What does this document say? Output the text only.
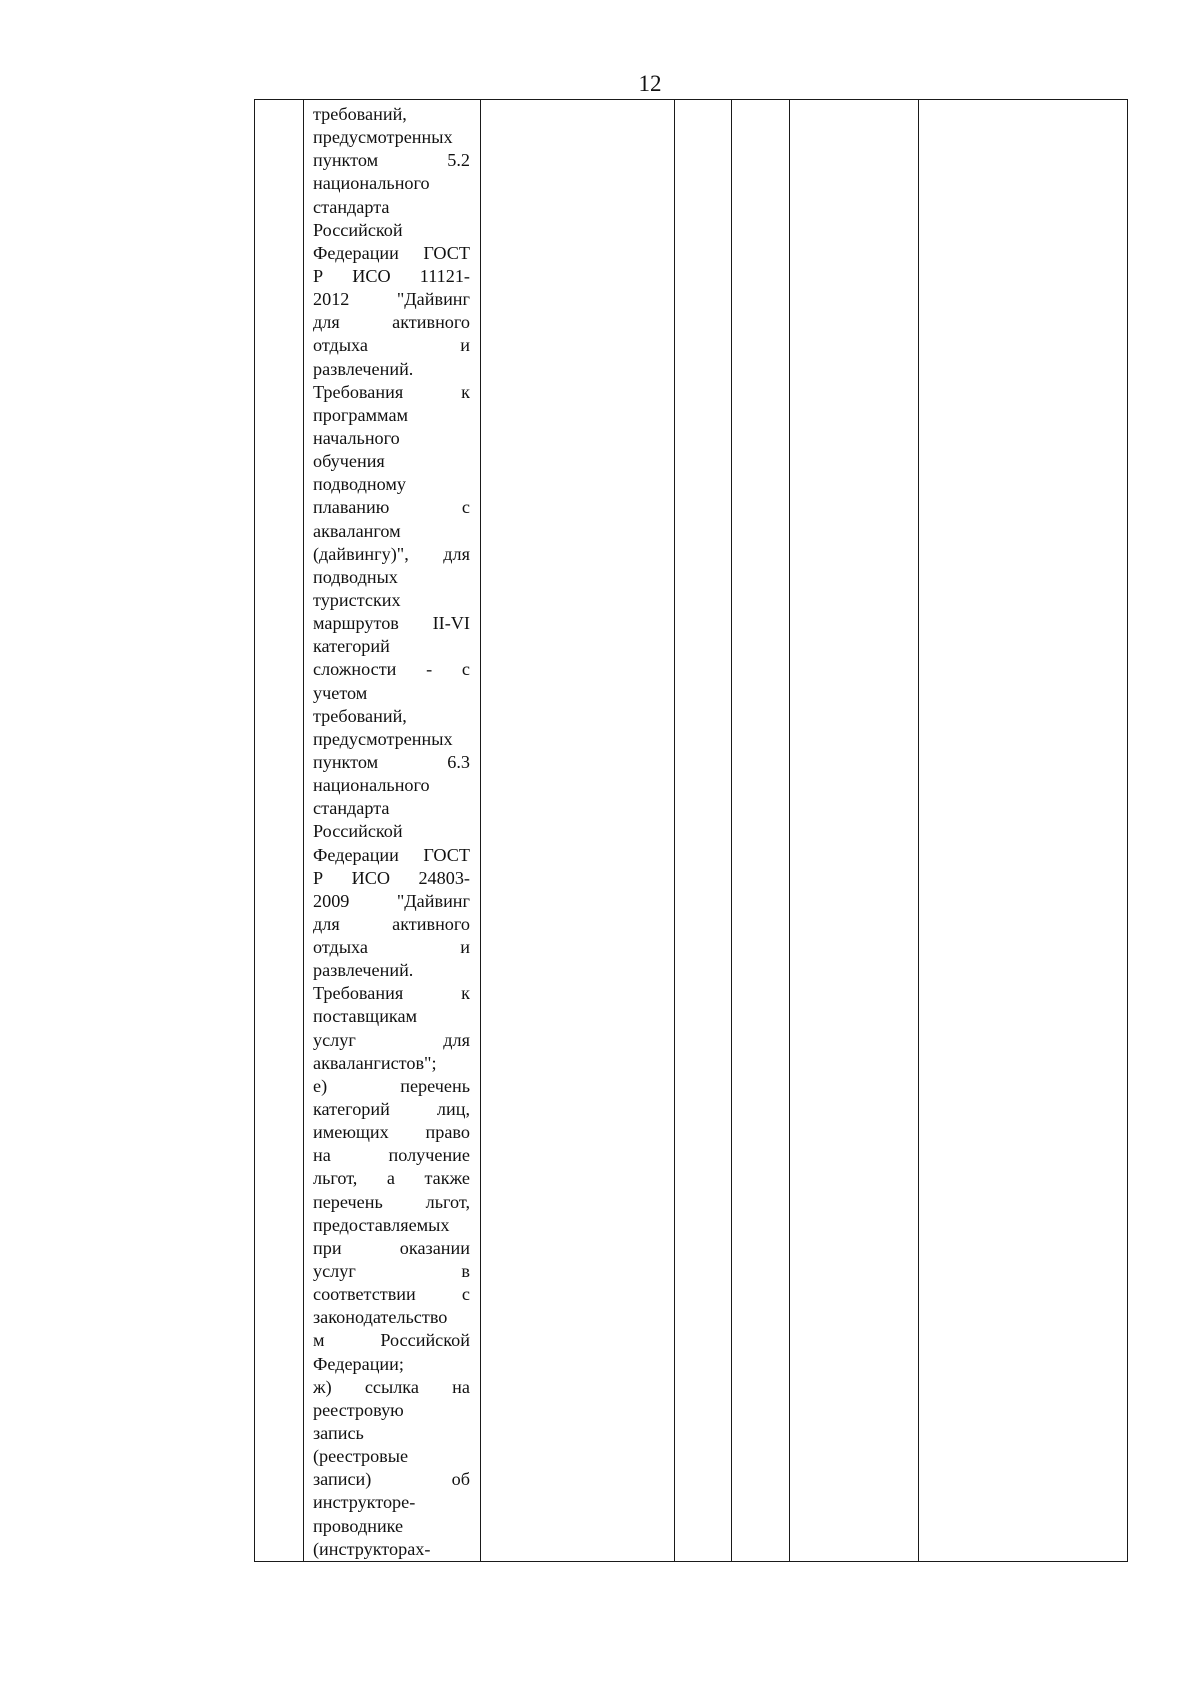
12

требований,
предусмотренных
пунктом 5.2
национального
стандарта
Российской
Федерации ГОСТ
Р ИСО 11121-
2012 "Дайвинг
для активного
отдыха и
развлечений.
Требования к
программам
начального
обучения
подводному
плаванию с
аквалангом
(дайвингу)", для
подводных
туристских
маршрутов II-VI
категорий
сложности - с
учетом
требований,
предусмотренных
пунктом 6.3
национального
стандарта
Российской
Федерации ГОСТ
Р ИСО 24803-
2009 "Дайвинг
для активного
отдыха и
развлечений.
Требования к
поставщикам
услуг для
аквалангистов";
е) перечень
категорий лиц,
имеющих право
на получение
льгот, а также
перечень льгот,
предоставляемых
при оказании
услуг в
соответствии с
законодательство
м Российской
Федерации;
ж) ссылка на
реестровую
запись
(реестровые
записи) об
инструкторе-
проводнике
(инструкторах-
